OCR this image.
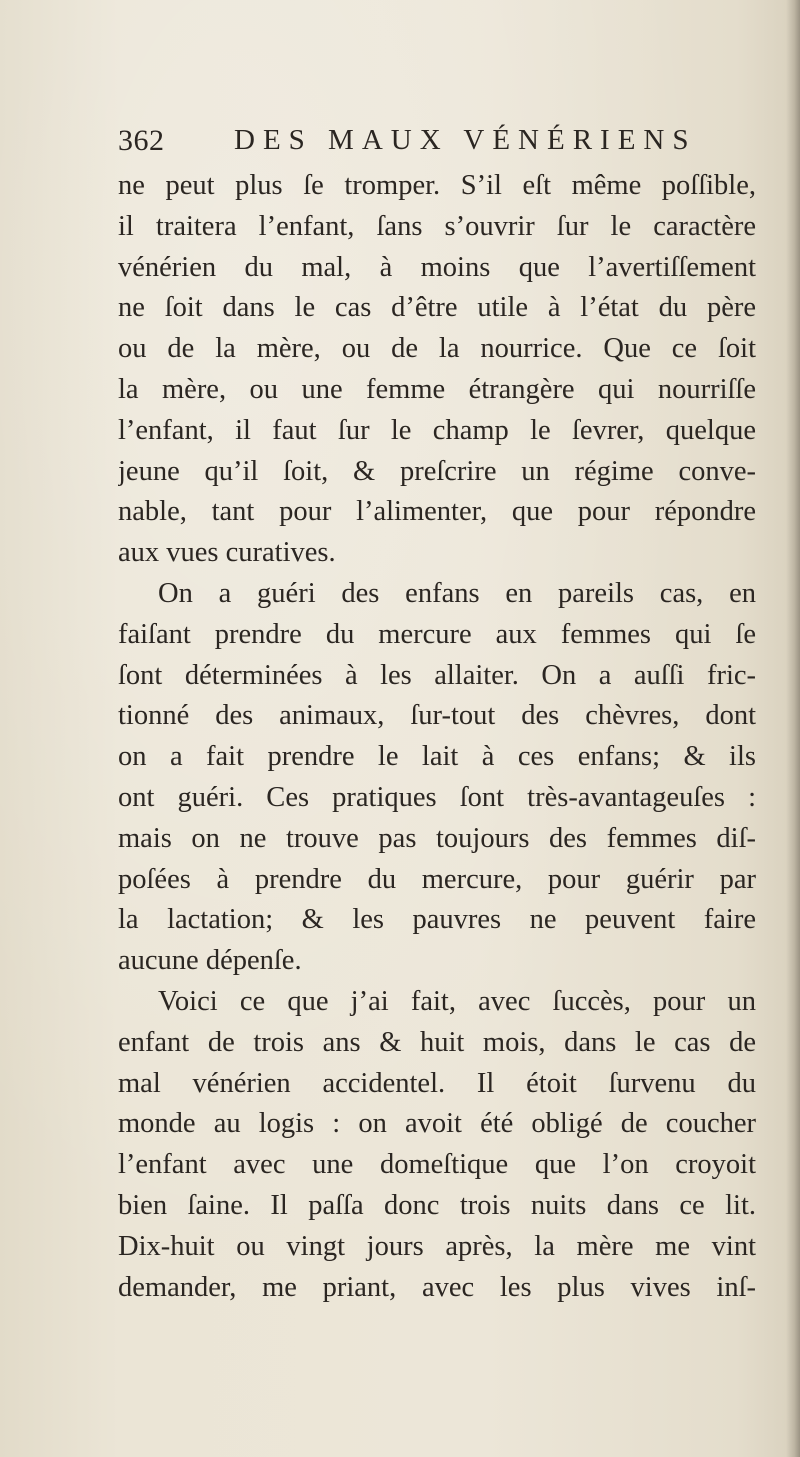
362 DES MAUX VÉNÉRIENS
ne peut plus ſe tromper. S’il eſt même poſſible,
il traitera l’enfant, ſans s’ouvrir ſur le caractère
vénérien du mal, à moins que l’avertiſſement
ne ſoit dans le cas d’être utile à l’état du père
ou de la mère, ou de la nourrice. Que ce ſoit
la mère, ou une femme étrangère qui nourriſſe
l’enfant, il faut ſur le champ le ſevrer, quelque
jeune qu’il ſoit, & preſcrire un régime conve-
nable, tant pour l’alimenter, que pour répondre
aux vues curatives.
On a guéri des enfans en pareils cas, en
faiſant prendre du mercure aux femmes qui ſe
ſont déterminées à les allaiter. On a auſſi fric-
tionné des animaux, ſur-tout des chèvres, dont
on a fait prendre le lait à ces enfans; & ils
ont guéri. Ces pratiques ſont très-avantageuſes :
mais on ne trouve pas toujours des femmes diſ-
poſées à prendre du mercure, pour guérir par
la lactation; & les pauvres ne peuvent faire
aucune dépenſe.
Voici ce que j’ai fait, avec ſuccès, pour un
enfant de trois ans & huit mois, dans le cas de
mal vénérien accidentel. Il étoit ſurvenu du
monde au logis : on avoit été obligé de coucher
l’enfant avec une domeſtique que l’on croyoit
bien ſaine. Il paſſa donc trois nuits dans ce lit.
Dix-huit ou vingt jours après, la mère me vint
demander, me priant, avec les plus vives inſ-
